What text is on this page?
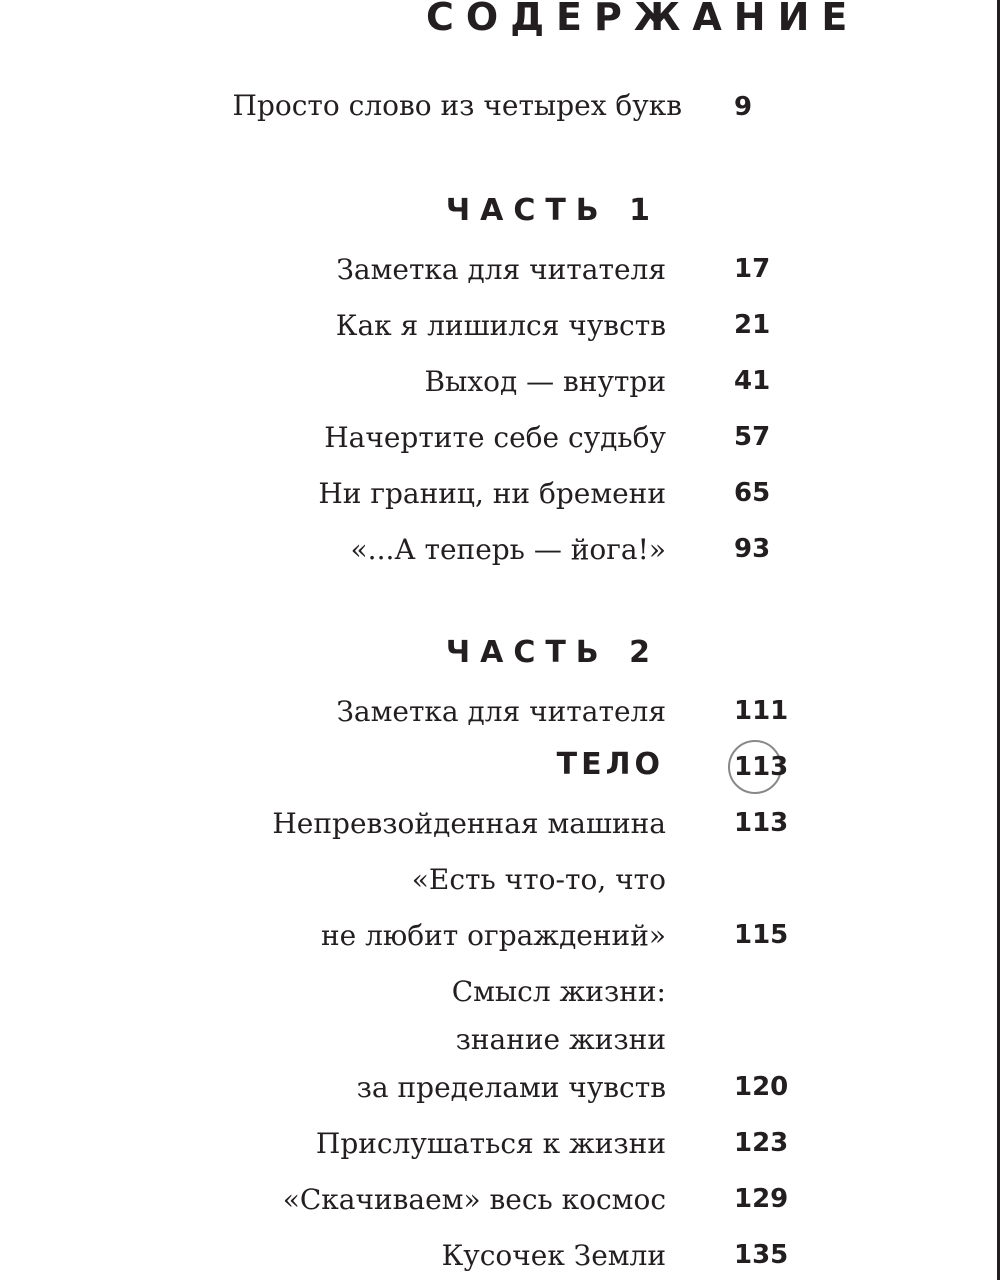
СОДЕРЖАНИЕ
Просто слово из четырех букв 9
ЧАСТЬ 1
Заметка для читателя	17
Как я лишился чувств	21
Выход — внутри	41
Начертите себе судьбу	57
Ни границ, ни бремени	65
«...А теперь — йога!»	93
ЧАСТЬ 2
Заметка для читателя	111
ТЕЛО	113
Непревзойденная машина	113
«Есть что-то, что
не любит ограждений»	115
Смысл жизни:
знание жизни
за пределами чувств	120
Прислушаться к жизни	123
«Скачиваем» весь космос	129
Кусочек Земли	135
